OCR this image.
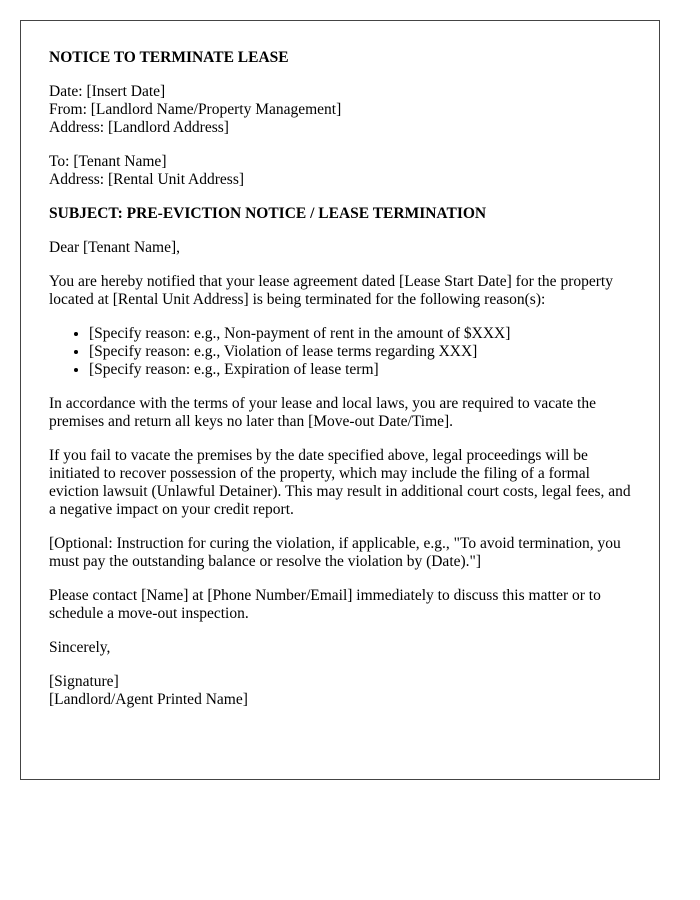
NOTICE TO TERMINATE LEASE
Date: [Insert Date]
From: [Landlord Name/Property Management]
Address: [Landlord Address]
To: [Tenant Name]
Address: [Rental Unit Address]
SUBJECT: PRE-EVICTION NOTICE / LEASE TERMINATION

Dear [Tenant Name],

You are hereby notified that your lease agreement dated [Lease Start Date] for the property located at [Rental Unit Address] is being terminated for the following reason(s):

• [Specify reason: e.g., Non-payment of rent in the amount of $XXX]
• [Specify reason: e.g., Violation of lease terms regarding XXX]
• [Specify reason: e.g., Expiration of lease term]

In accordance with the terms of your lease and local laws, you are required to vacate the premises and return all keys no later than [Move-out Date/Time].

If you fail to vacate the premises by the date specified above, legal proceedings will be initiated to recover possession of the property, which may include the filing of a formal eviction lawsuit (Unlawful Detainer). This may result in additional court costs, legal fees, and a negative impact on your credit report.

[Optional: Instruction for curing the violation, if applicable, e.g., "To avoid termination, you must pay the outstanding balance or resolve the violation by (Date)."]

Please contact [Name] at [Phone Number/Email] immediately to discuss this matter or to schedule a move-out inspection.

Sincerely,

[Signature]
[Landlord/Agent Printed Name]
